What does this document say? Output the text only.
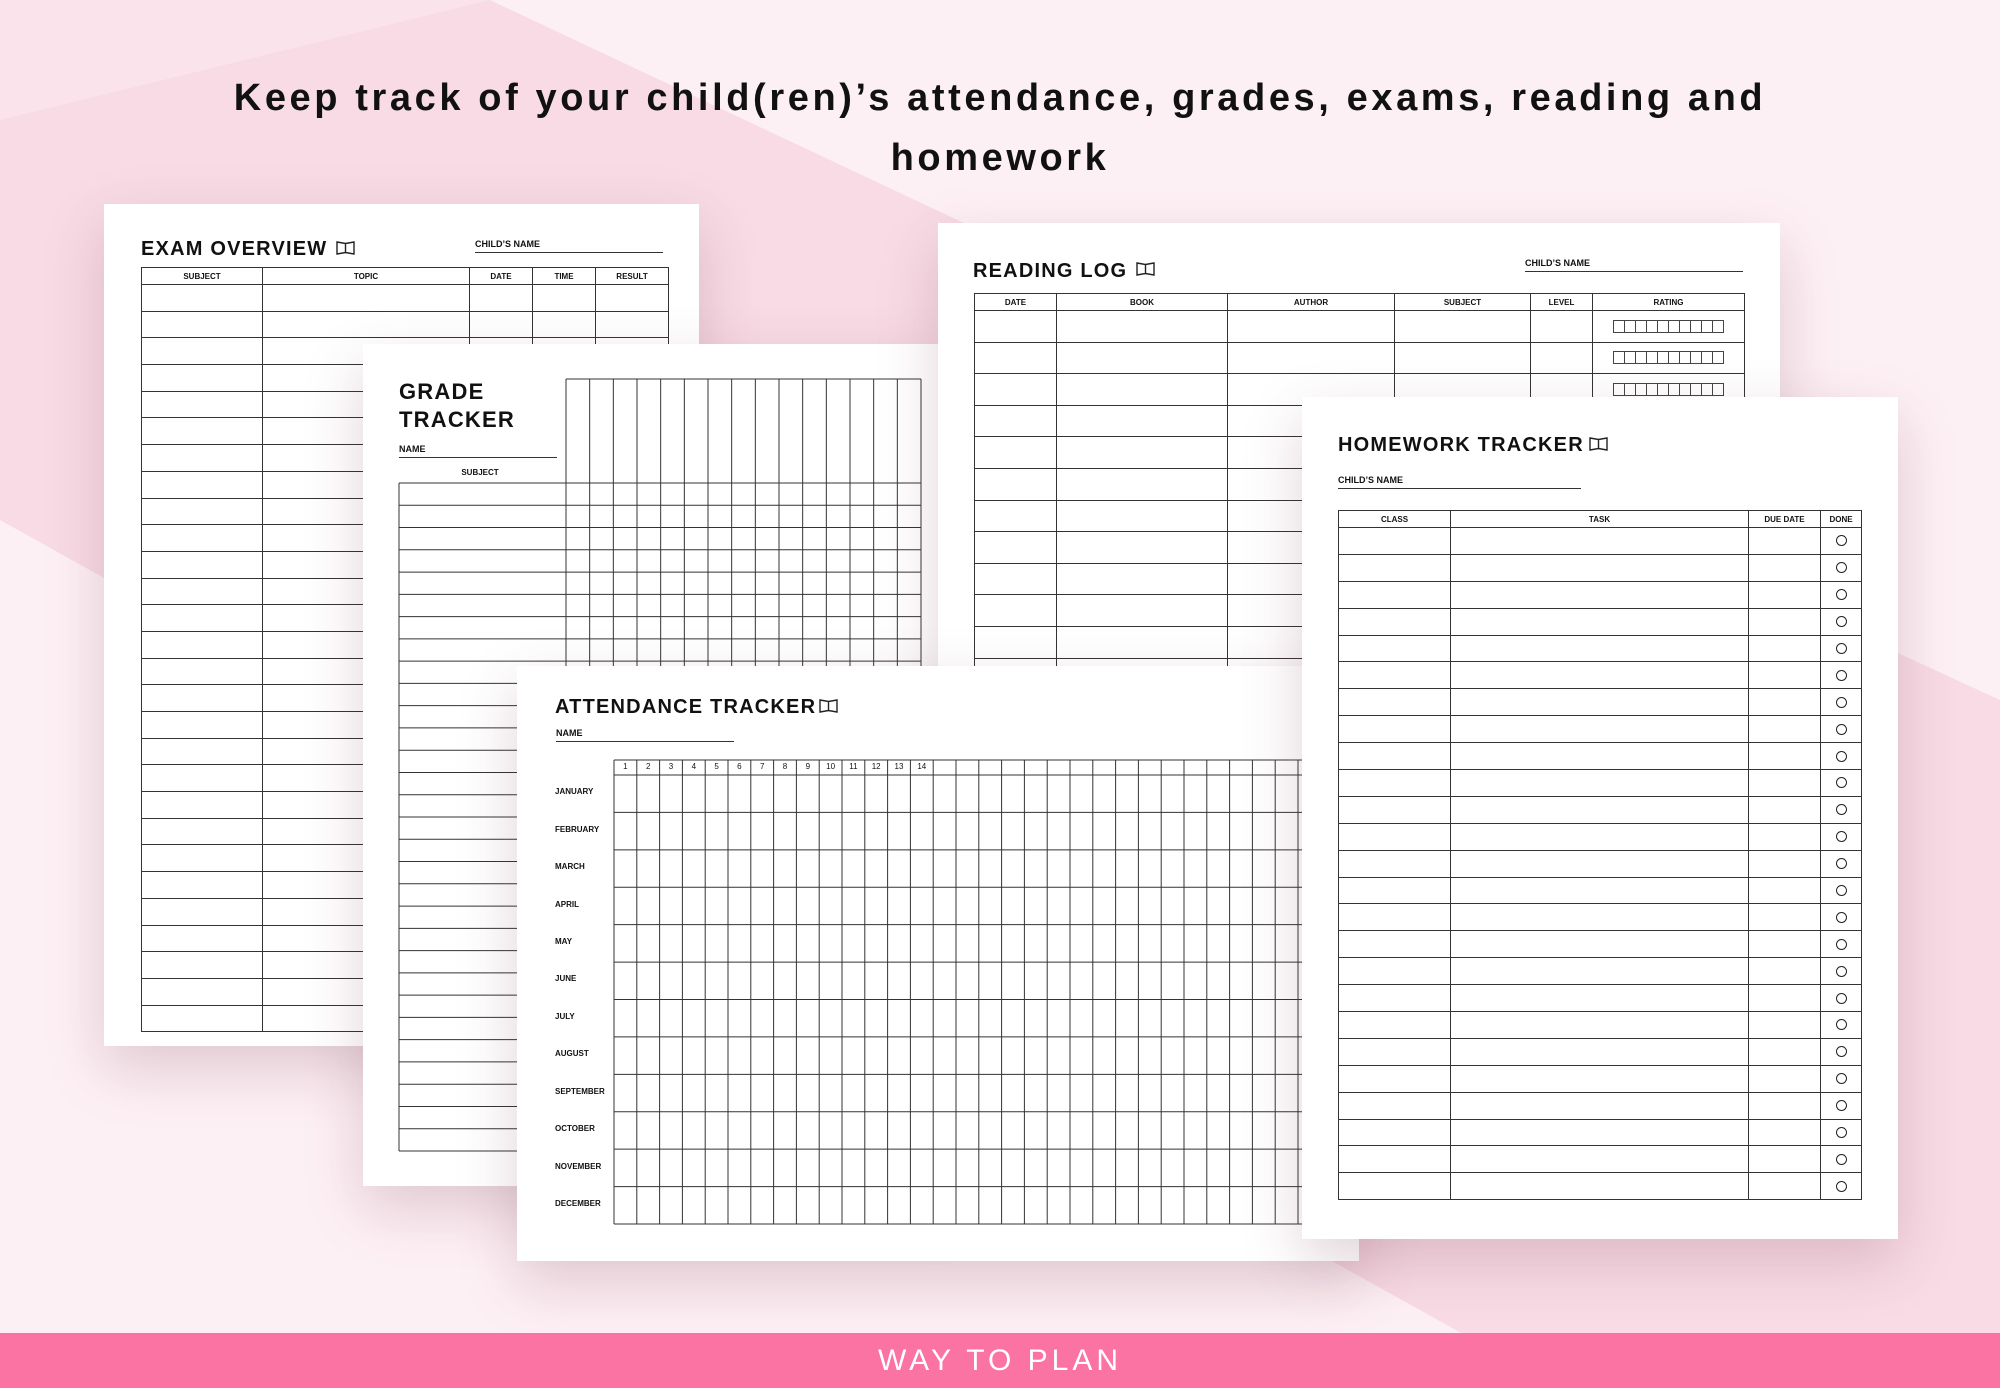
Keep track of your child(ren)’s attendance, grades, exams, reading and homework
EXAM OVERVIEW	CHILD’S NAME
SUBJECT	TOPIC	DATE	TIME	RESULT

GRADE TRACKER
NAME
SUBJECT
READING LOG	CHILD’S NAME
DATE	BOOK	AUTHOR	SUBJECT	LEVEL	RATING

ATTENDANCE TRACKER
NAME
JANUARY
FEBRUARY
MARCH
APRIL
MAY
JUNE
JULY
AUGUST
SEPTEMBER
OCTOBER
NOVEMBER
DECEMBER
1	2	3	4	5	6	7	8	9	10	11	12	13	14
HOMEWORK TRACKER
CHILD’S NAME
CLASS	TASK	DUE DATE	DONE

WAY TO PLAN
